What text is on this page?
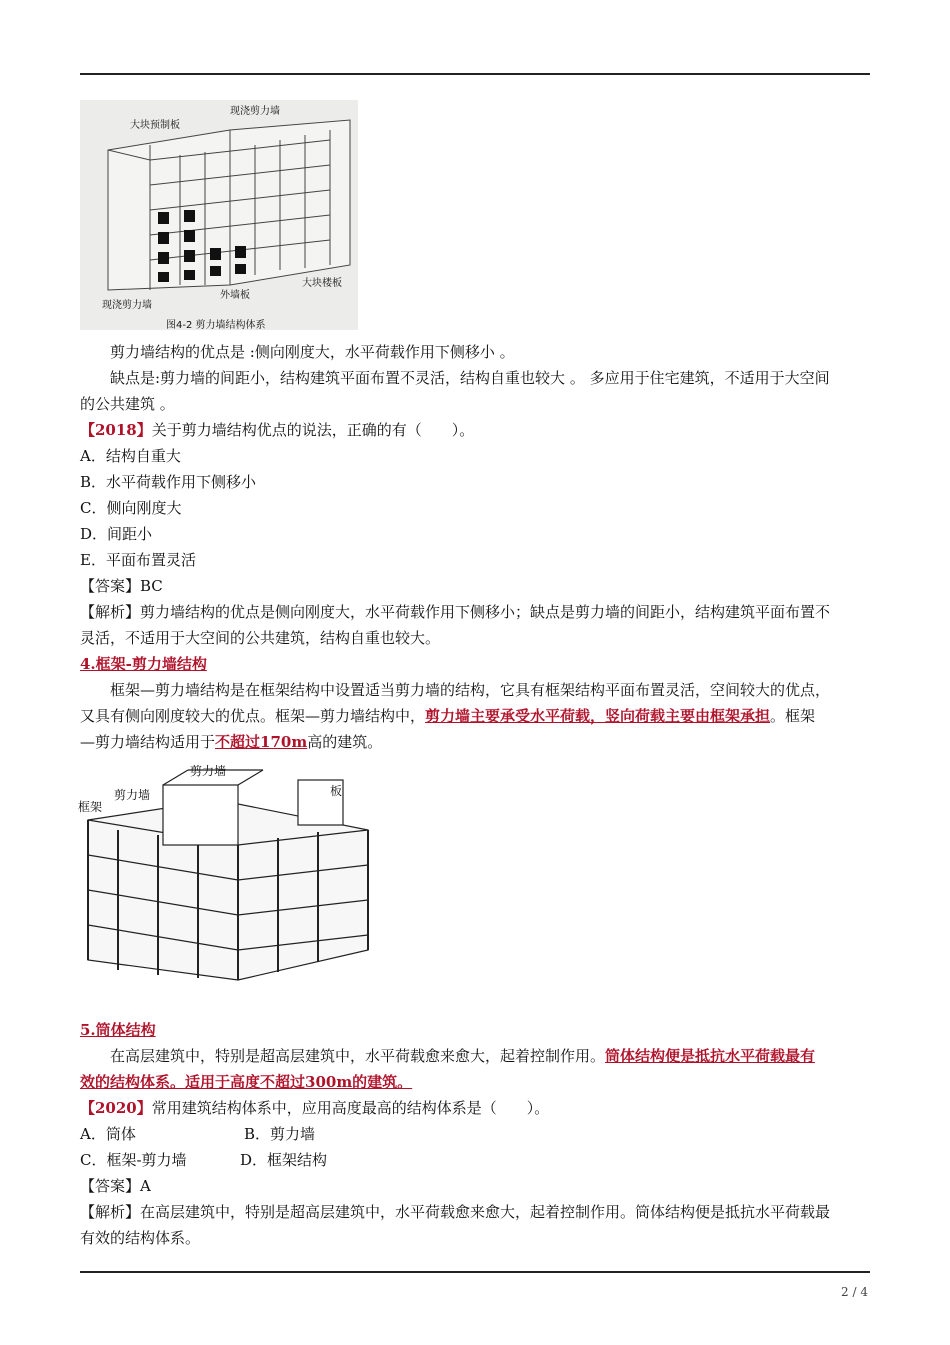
现浇剪力墙
大块预制板
现浇剪力墙
外墙板
大块楼板
图4-2 剪力墙结构体系
剪力墙结构的优点是 :侧向刚度大，水平荷载作用下侧移小 。
缺点是:剪力墙的间距小，结构建筑平面布置不灵活，结构自重也较大 。 多应用于住宅建筑，不适用于大空间
的公共建筑 。
【2018】关于剪力墙结构优点的说法，正确的有（　　）。
A．结构自重大
B．水平荷载作用下侧移小
C．侧向刚度大
D．间距小
E．平面布置灵活
【答案】BC
【解析】剪力墙结构的优点是侧向刚度大，水平荷载作用下侧移小；缺点是剪力墙的间距小，结构建筑平面布置不
灵活，不适用于大空间的公共建筑，结构自重也较大。
4.框架-剪力墙结构
框架—剪力墙结构是在框架结构中设置适当剪力墙的结构，它具有框架结构平面布置灵活，空间较大的优点，
又具有侧向刚度较大的优点。框架—剪力墙结构中，剪力墙主要承受水平荷载，竖向荷载主要由框架承担。框架
—剪力墙结构适用于不超过170m高的建筑。
剪力墙
剪力墙
框架
板
5.筒体结构
在高层建筑中，特别是超高层建筑中，水平荷载愈来愈大，起着控制作用。筒体结构便是抵抗水平荷载最有
效的结构体系。适用于高度不超过300m的建筑。
【2020】常用建筑结构体系中，应用高度最高的结构体系是（　　）。
A．筒体	B．剪力墙
C．框架-剪力墙	D．框架结构
【答案】A
【解析】在高层建筑中，特别是超高层建筑中，水平荷载愈来愈大，起着控制作用。筒体结构便是抵抗水平荷载最
有效的结构体系。
2 / 4
